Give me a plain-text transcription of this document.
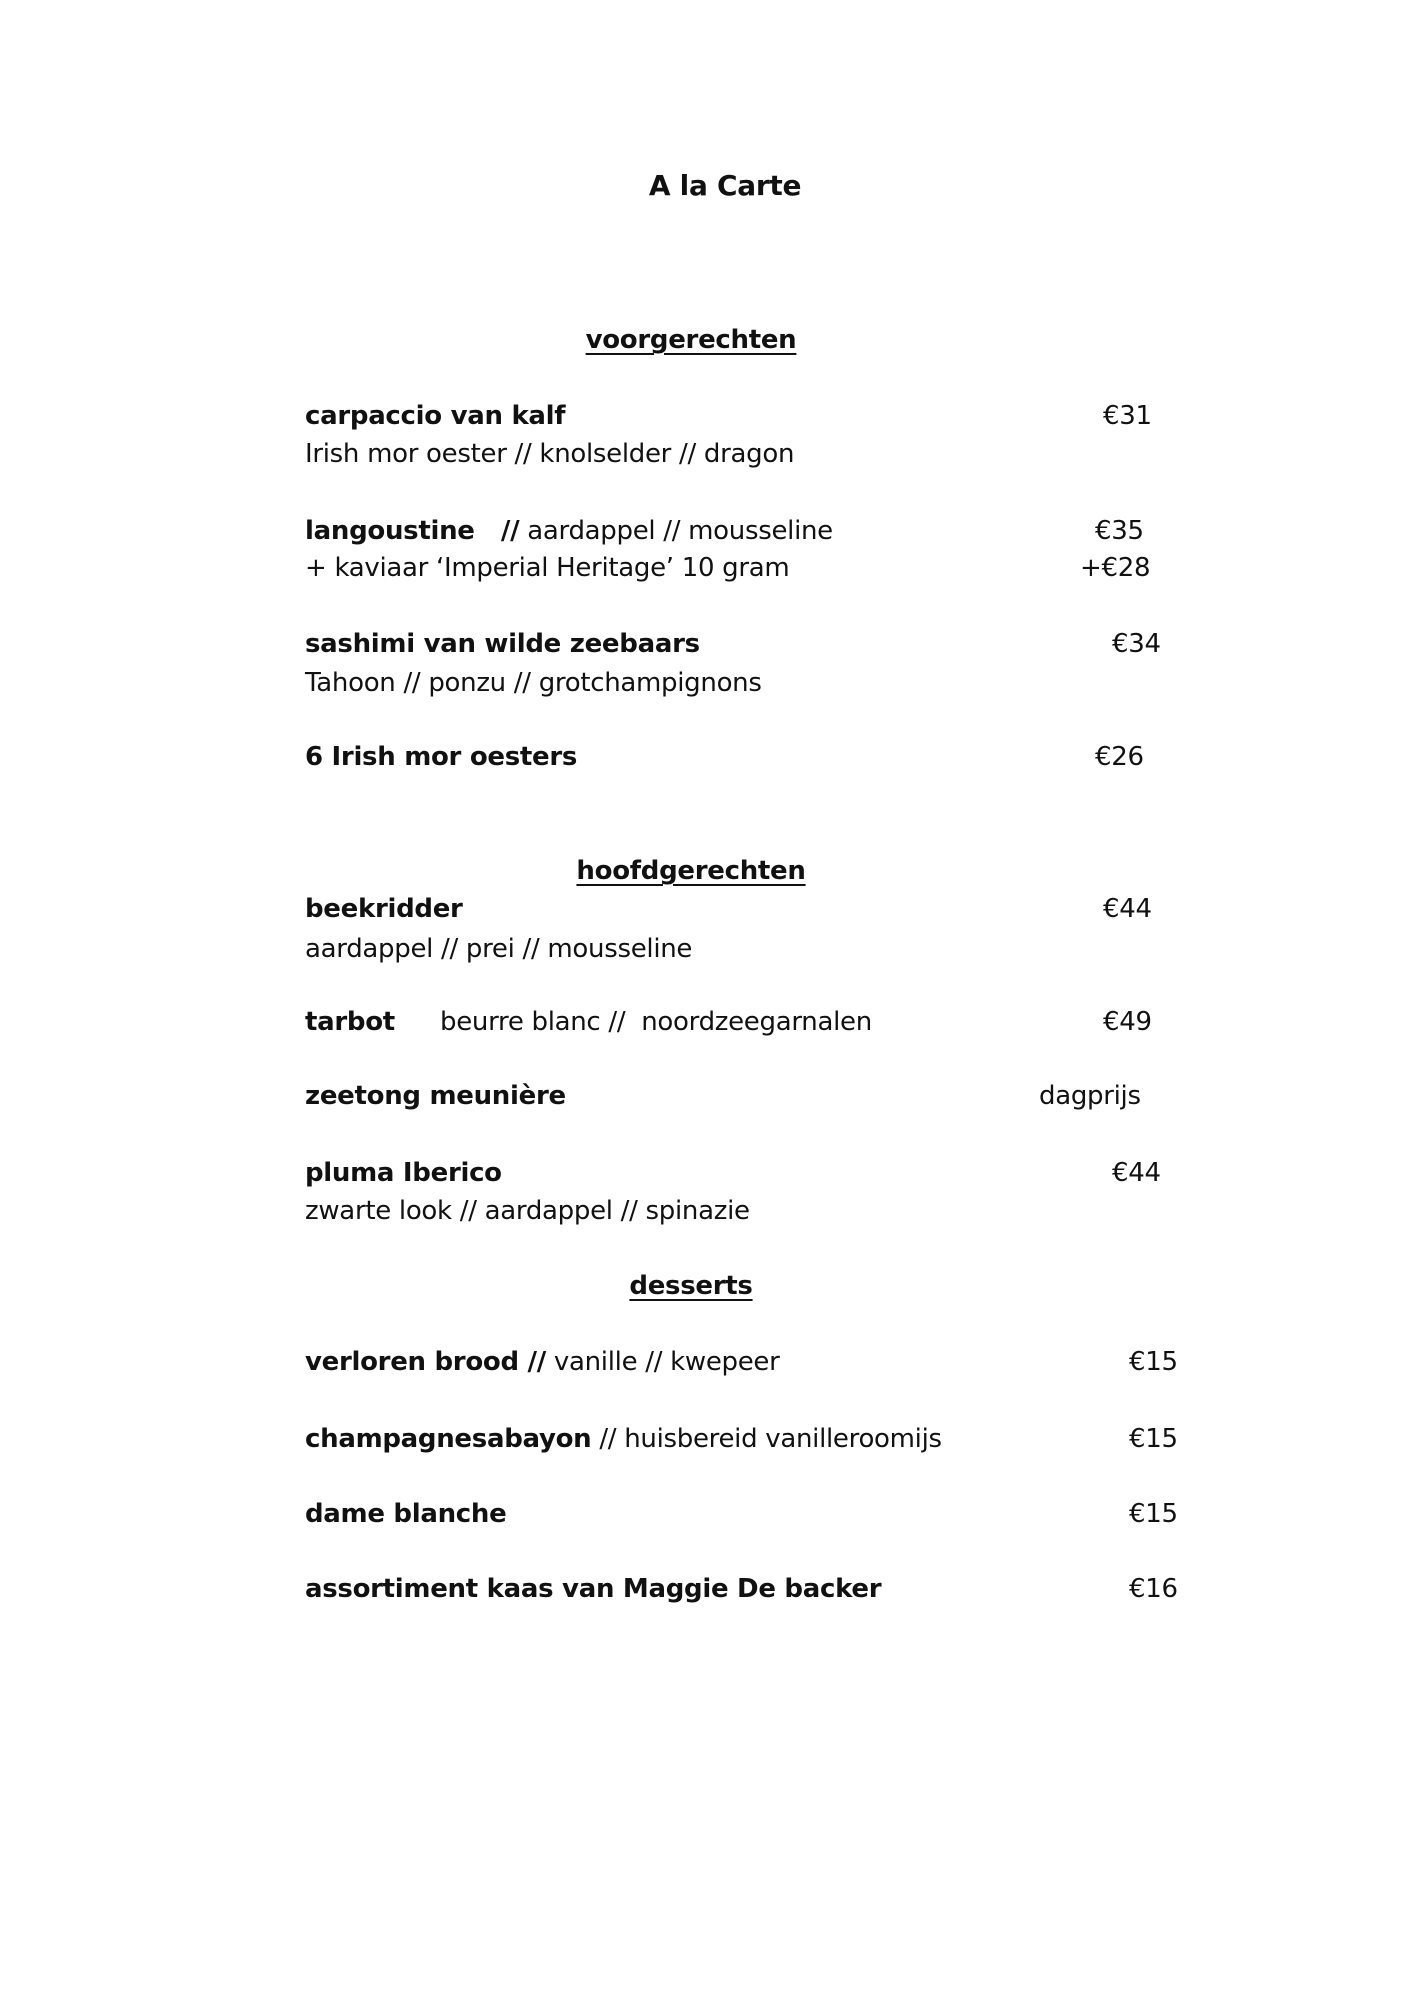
A la Carte
voorgerechten
carpaccio van kalf	€31
Irish mor oester // knolselder // dragon
langoustine   // aardappel // mousseline	€35
+ kaviaar ‘Imperial Heritage’ 10 gram	+€28
sashimi van wilde zeebaars	€34
Tahoon // ponzu // grotchampignons
6 Irish mor oesters	€26
hoofdgerechten
beekridder	€44
aardappel // prei // mousseline
tarbot beurre blanc //  noordzeegarnalen	€49
zeetong meunière	dagprijs
pluma Iberico	€44
zwarte look // aardappel // spinazie
desserts
verloren brood // vanille // kwepeer	€15
champagnesabayon // huisbereid vanilleroomijs	€15
dame blanche	€15
assortiment kaas van Maggie De backer	€16
